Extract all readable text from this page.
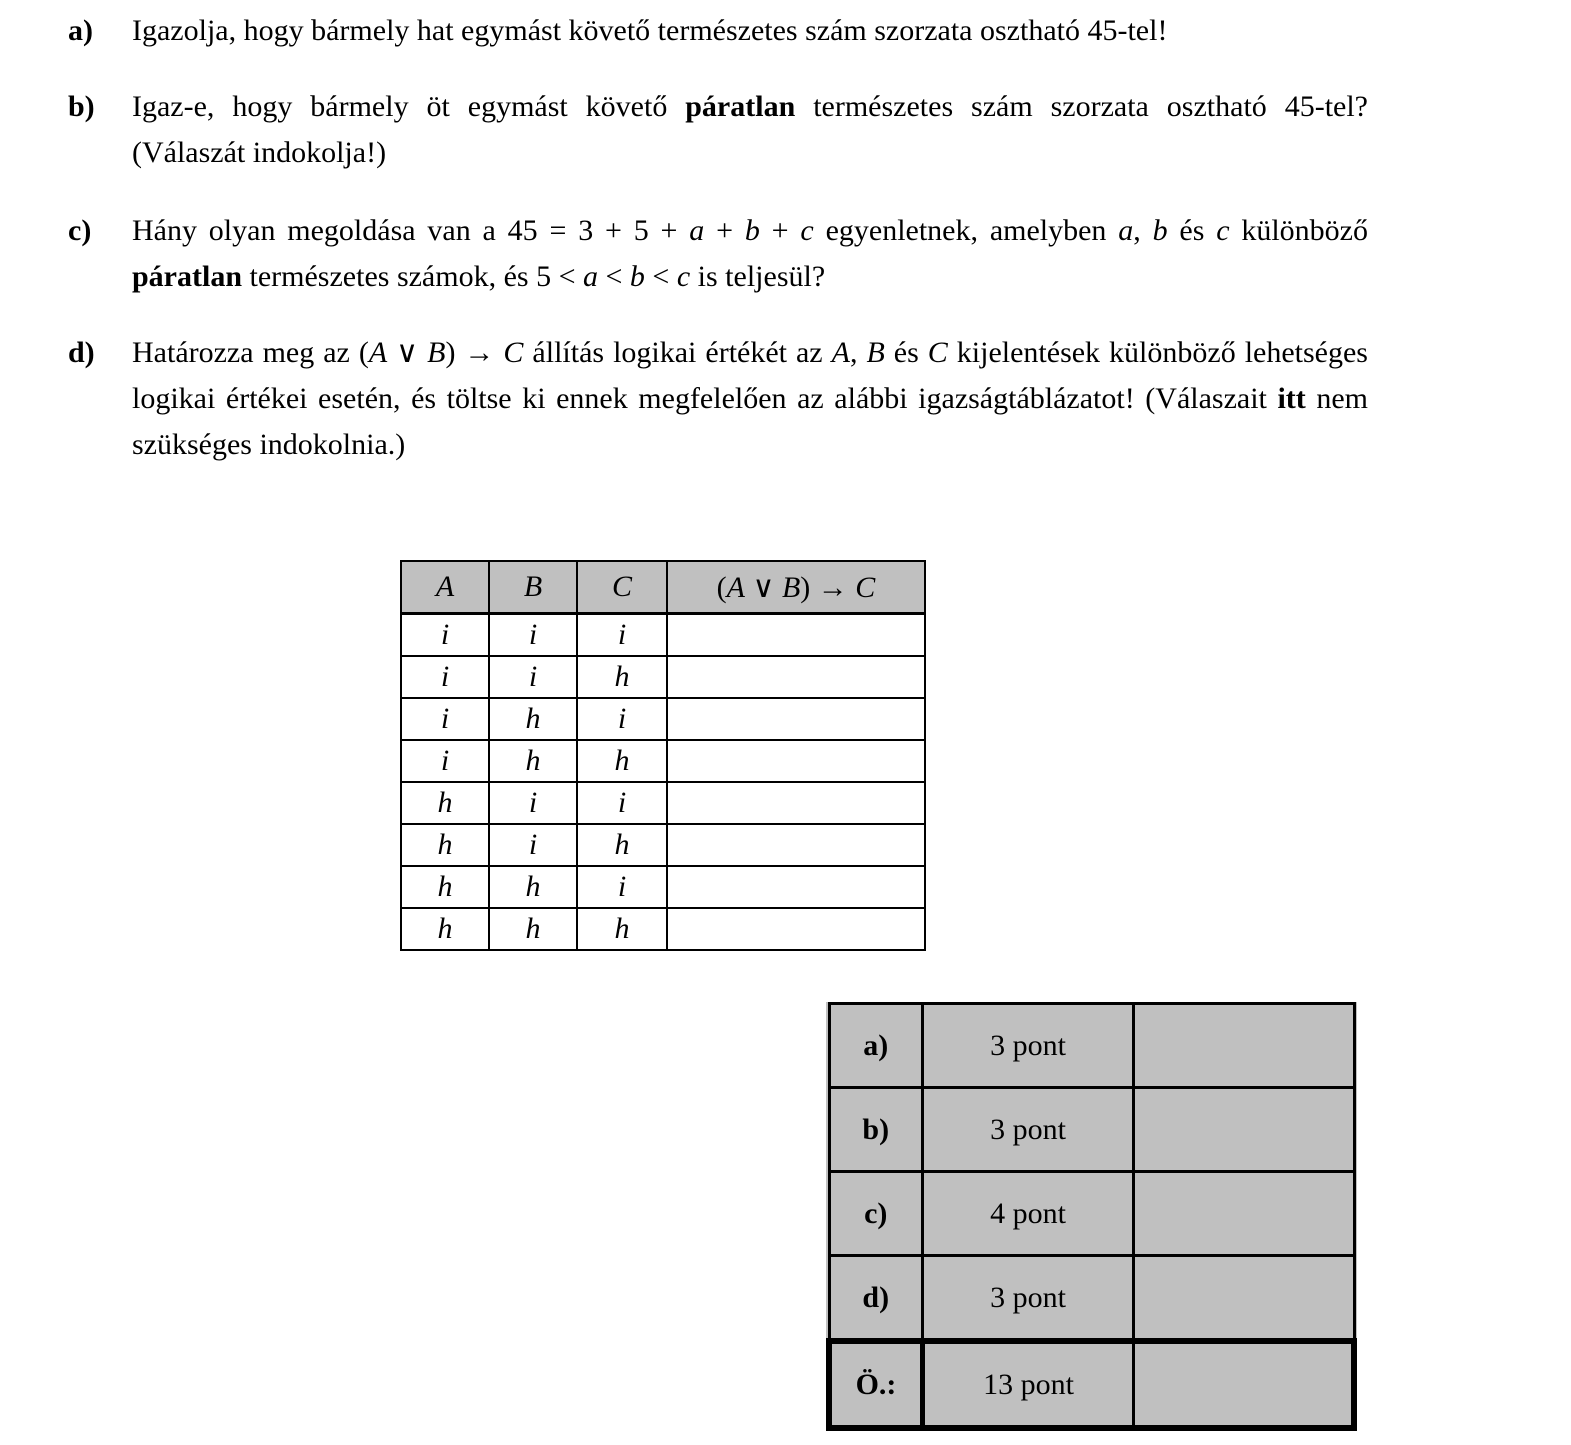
a)	Igazolja, hogy bármely hat egymást követő természetes szám szorzata osztható 45-tel!
b)	Igaz-e, hogy bármely öt egymást követő páratlan természetes szám szorzata osztható 45-tel? (Válaszát indokolja!)
c)	Hány olyan megoldása van a 45 = 3 + 5 + a + b + c egyenletnek, amelyben a, b és c különböző páratlan természetes számok, és 5 < a < b < c is teljesül?
d)	Határozza meg az (A ∨ B) → C állítás logikai értékét az A, B és C kijelentések különböző lehetséges logikai értékei esetén, és töltse ki ennek megfelelően az alábbi igazságtáblázatot! (Válaszait itt nem szükséges indokolnia.)
A	B	C	(A ∨ B) → C
i	i	i	
i	i	h	
i	h	i	
i	h	h	
h	i	i	
h	i	h	
h	h	i	
h	h	h	
a)	3 pont	
b)	3 pont	
c)	4 pont	
d)	3 pont	
Ö.:	13 pont	
